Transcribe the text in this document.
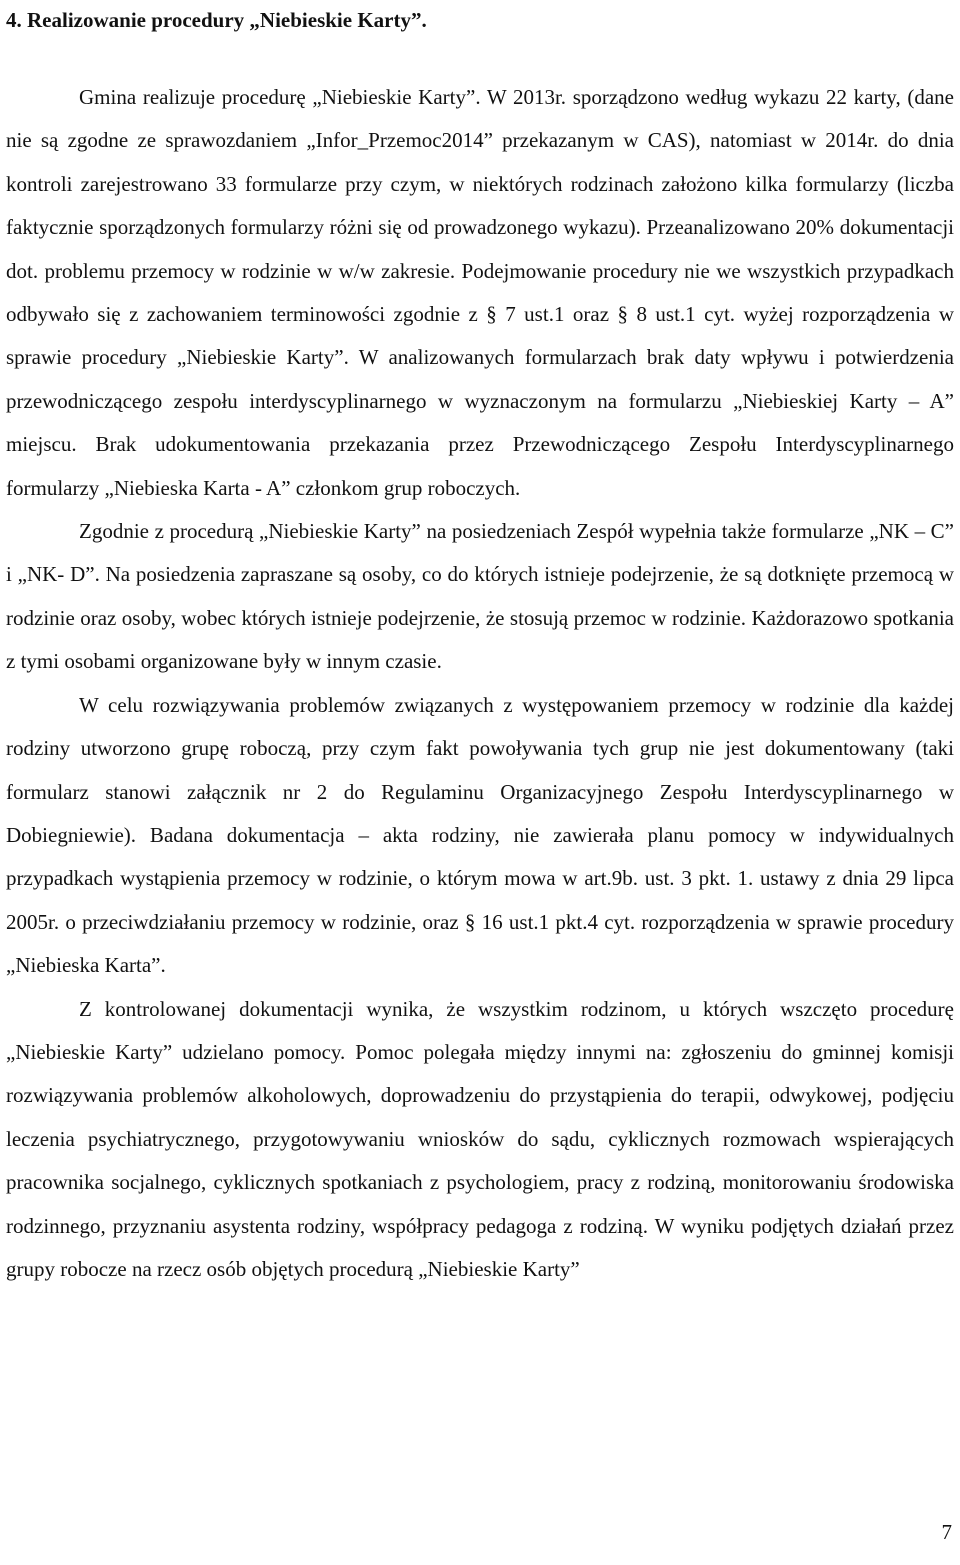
4. Realizowanie procedury „Niebieskie Karty”.

Gmina realizuje procedurę „Niebieskie Karty”. W 2013r. sporządzono według wykazu 22 karty, (dane nie są zgodne ze sprawozdaniem „Infor_Przemoc2014” przekazanym w CAS), natomiast w 2014r. do dnia kontroli zarejestrowano 33 formularze przy czym, w niektórych rodzinach założono kilka formularzy (liczba faktycznie sporządzonych formularzy różni się od prowadzonego wykazu). Przeanalizowano 20% dokumentacji dot. problemu przemocy w rodzinie w w/w zakresie. Podejmowanie procedury nie we wszystkich przypadkach odbywało się z zachowaniem terminowości zgodnie z § 7 ust.1 oraz § 8 ust.1 cyt. wyżej rozporządzenia w sprawie procedury „Niebieskie Karty”. W analizowanych formularzach brak daty wpływu i potwierdzenia przewodniczącego zespołu interdyscyplinarnego w wyznaczonym na formularzu „Niebieskiej Karty – A” miejscu. Brak udokumentowania przekazania przez Przewodniczącego Zespołu Interdyscyplinarnego formularzy „Niebieska Karta - A” członkom grup roboczych.

Zgodnie z procedurą „Niebieskie Karty” na posiedzeniach Zespół wypełnia także formularze „NK – C” i „NK- D”. Na posiedzenia zapraszane są osoby, co do których istnieje podejrzenie, że są dotknięte przemocą w rodzinie oraz osoby, wobec których istnieje podejrzenie, że stosują przemoc w rodzinie. Każdorazowo spotkania z tymi osobami organizowane były w innym czasie.

W celu rozwiązywania problemów związanych z występowaniem przemocy w rodzinie dla każdej rodziny utworzono grupę roboczą, przy czym fakt powoływania tych grup nie jest dokumentowany (taki formularz stanowi załącznik nr 2 do Regulaminu Organizacyjnego Zespołu Interdyscyplinarnego w Dobiegniewie). Badana dokumentacja – akta rodziny, nie zawierała planu pomocy w indywidualnych przypadkach wystąpienia przemocy w rodzinie, o którym mowa w art.9b. ust. 3 pkt. 1. ustawy z dnia 29 lipca 2005r. o przeciwdziałaniu przemocy w rodzinie, oraz § 16 ust.1 pkt.4 cyt. rozporządzenia w sprawie procedury „Niebieska Karta”.

Z kontrolowanej dokumentacji wynika, że wszystkim rodzinom, u których wszczęto procedurę „Niebieskie Karty” udzielano pomocy. Pomoc polegała między innymi na: zgłoszeniu do gminnej komisji rozwiązywania problemów alkoholowych, doprowadzeniu do przystąpienia do terapii, odwykowej, podjęciu leczenia psychiatrycznego, przygotowywaniu wniosków do sądu, cyklicznych rozmowach wspierających pracownika socjalnego, cyklicznych spotkaniach z psychologiem, pracy z rodziną, monitorowaniu środowiska rodzinnego, przyznaniu asystenta rodziny, współpracy pedagoga z rodziną. W wyniku podjętych działań przez grupy robocze na rzecz osób objętych procedurą „Niebieskie Karty”

7
